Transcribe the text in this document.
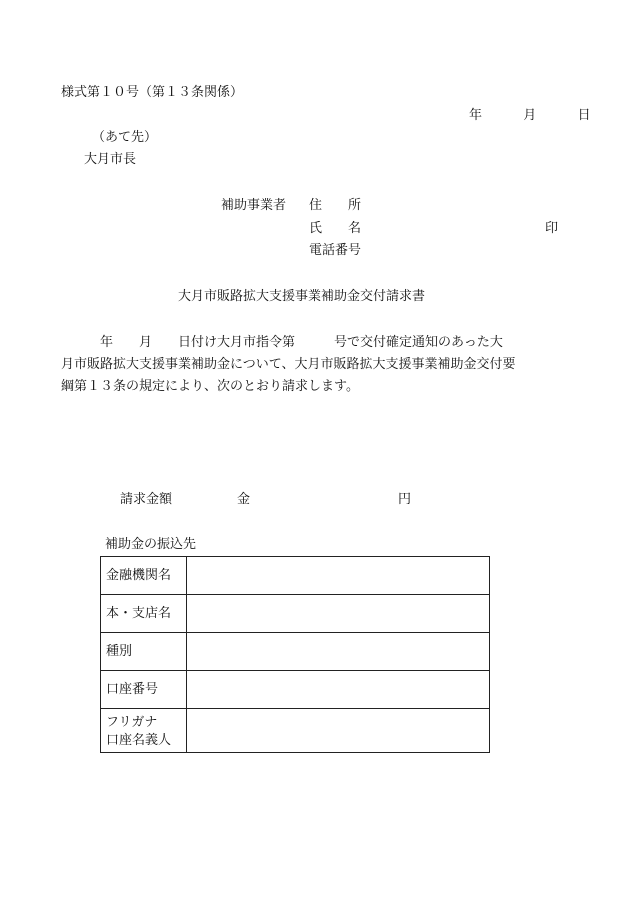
様式第１０号（第１３条関係）
年	月	日
（あて先）
大月市長
補助事業者 住　　所
氏　　名	印
電話番号
大月市販路拡大支援事業補助金交付請求書
　　　年　　月　　日付け大月市指令第　　　号で交付確定通知のあった大
月市販路拡大支援事業補助金について、大月市販路拡大支援事業補助金交付要
綱第１３条の規定により、次のとおり請求します。
請求金額	金	円
補助金の振込先
金融機関名	
本・支店名	
種別	
口座番号	

フリガナ
口座名義人	
